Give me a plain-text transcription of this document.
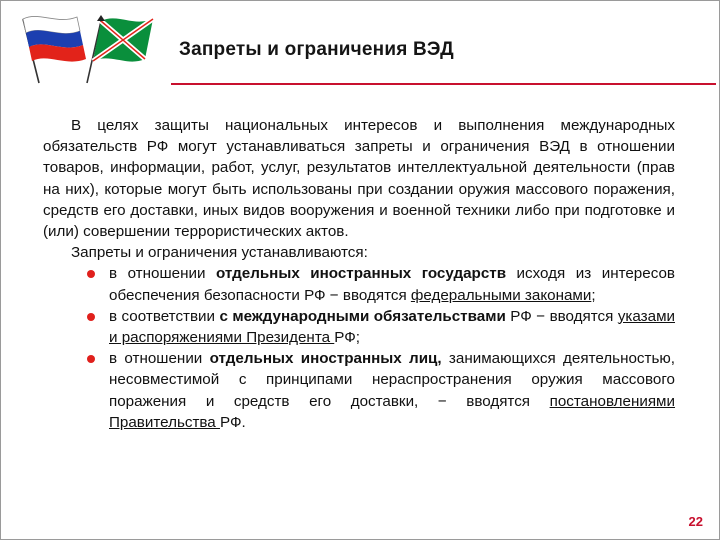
Запреты и ограничения ВЭД

В целях защиты национальных интересов и выполнения международных обязательств РФ могут устанавливаться запреты и ограничения ВЭД в отношении товаров, информации, работ, услуг, результатов интеллектуальной деятельности (прав на них), которые могут быть использованы при создании оружия массового поражения, средств его доставки, иных видов вооружения и военной техники либо при подготовке и (или) совершении террористических актов.

Запреты и ограничения устанавливаются:

в отношении отдельных иностранных государств исходя из интересов обеспечения безопасности РФ − вводятся федеральными законами;
в соответствии с международными обязательствами РФ − вводятся указами и распоряжениями Президента РФ;
в отношении отдельных иностранных лиц, занимающихся деятельностью, несовместимой с принципами нераспространения оружия массового поражения и средств его доставки, − вводятся постановлениями Правительства РФ.
22
